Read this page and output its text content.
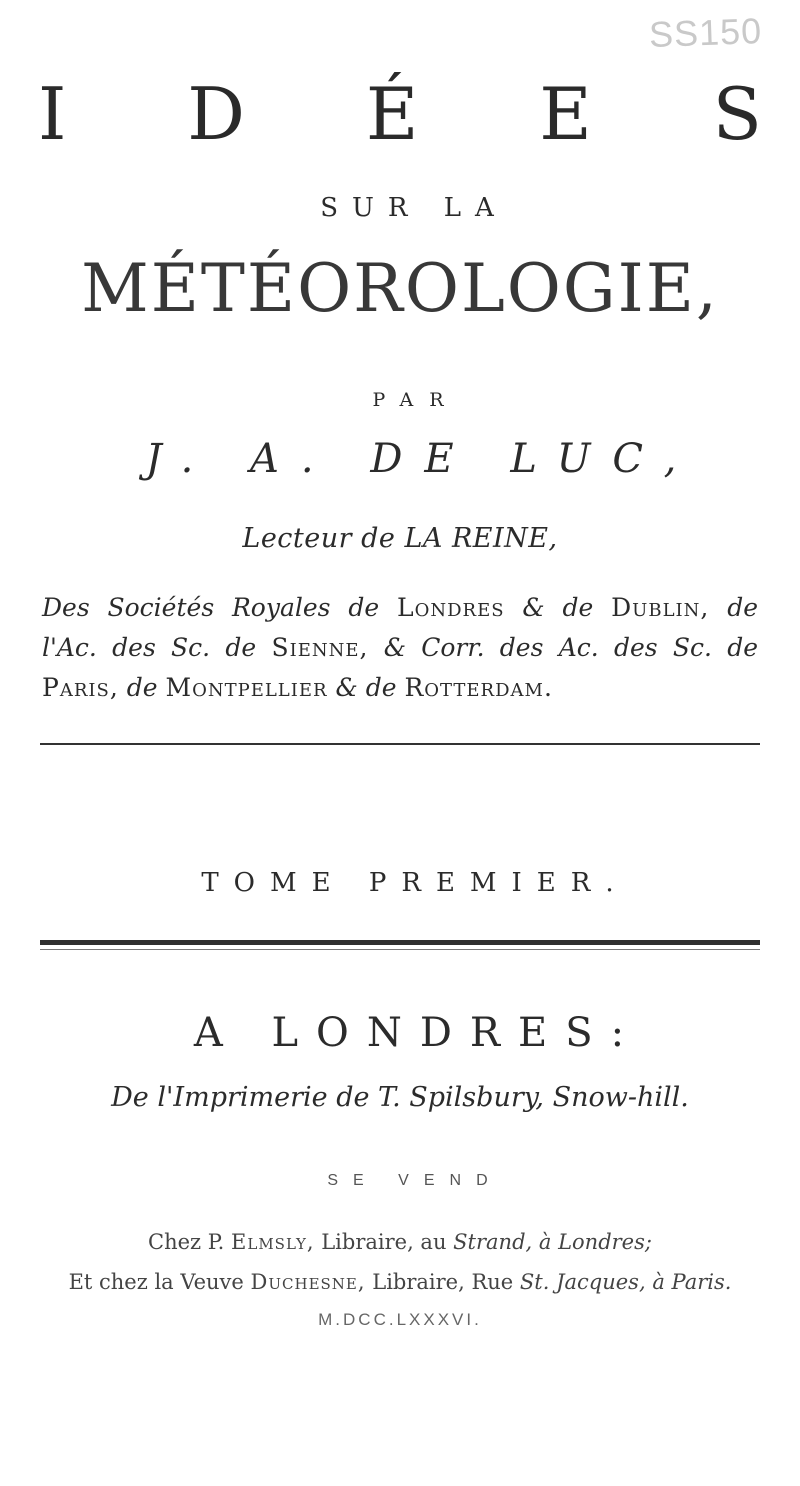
SS150
I D É E S
SUR LA
MÉTÉOROLOGIE,
PAR
J. A. DE LUC,
Lecteur de LA REINE,
Des Sociétés Royales de Londres & de Dublin, de
l'Ac. des Sc. de Sienne, & Corr. des Ac. des Sc. de
Paris, de Montpellier & de Rotterdam.
TOME PREMIER.
A LONDRES:
De l'Imprimerie de T. Spilsbury, Snow-hill.
SE VEND
Chez P. Elmsly, Libraire, au Strand, à Londres;
Et chez la Veuve Duchesne, Libraire, Rue St. Jacques, à Paris.
M.DCC.LXXXVI.
